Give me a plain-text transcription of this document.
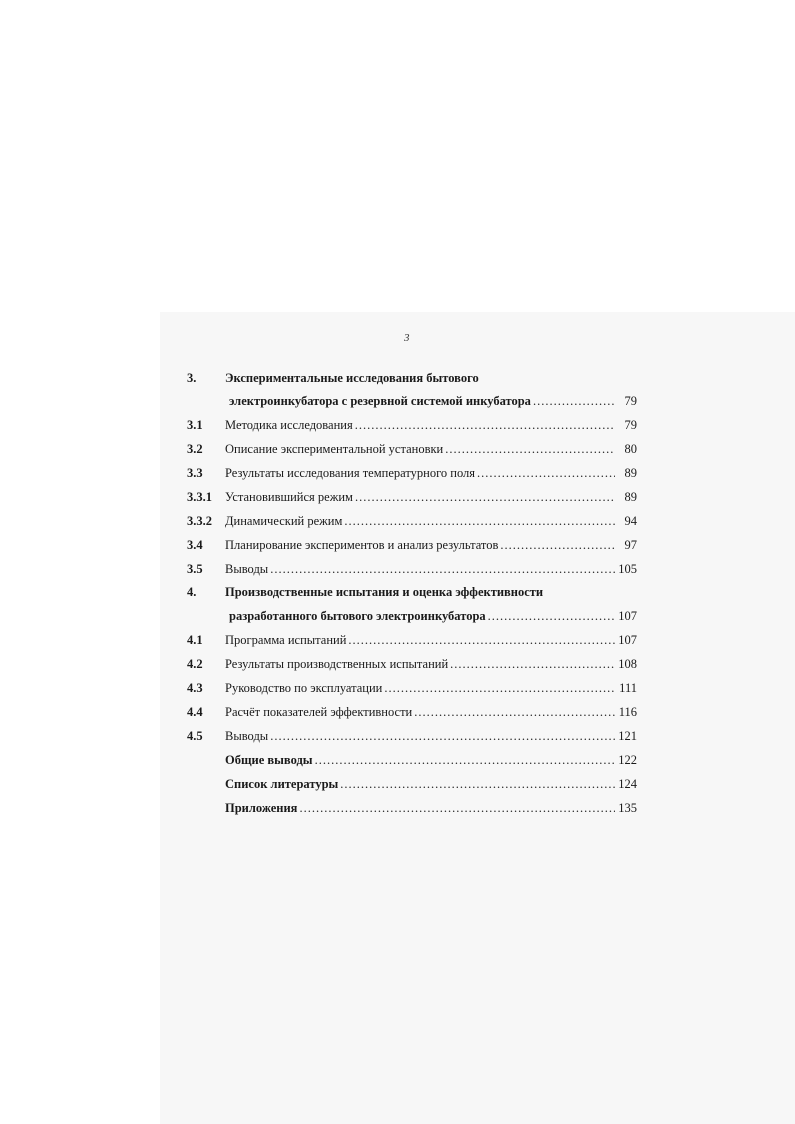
3
3. Экспериментальные исследования бытового
электроинкубатора с резервной системой инкубатора .....	79
3.1 Методика исследования .....	79
3.2 Описание экспериментальной установки .....	80
3.3 Результаты исследования температурного поля .....	89
3.3.1 Установившийся режим .....	89
3.3.2 Динамический режим .....	94
3.4 Планирование экспериментов и анализ результатов .....	97
3.5 Выводы .....	105
4. Производственные испытания и оценка эффективности
разработанного бытового электроинкубатора .....	107
4.1 Программа испытаний .....	107
4.2 Результаты производственных испытаний .....	108
4.3 Руководство по эксплуатации .....	111
4.4 Расчёт показателей эффективности .....	116
4.5 Выводы .....	121
Общие выводы .....	122
Список литературы .....	124
Приложения .....	135
